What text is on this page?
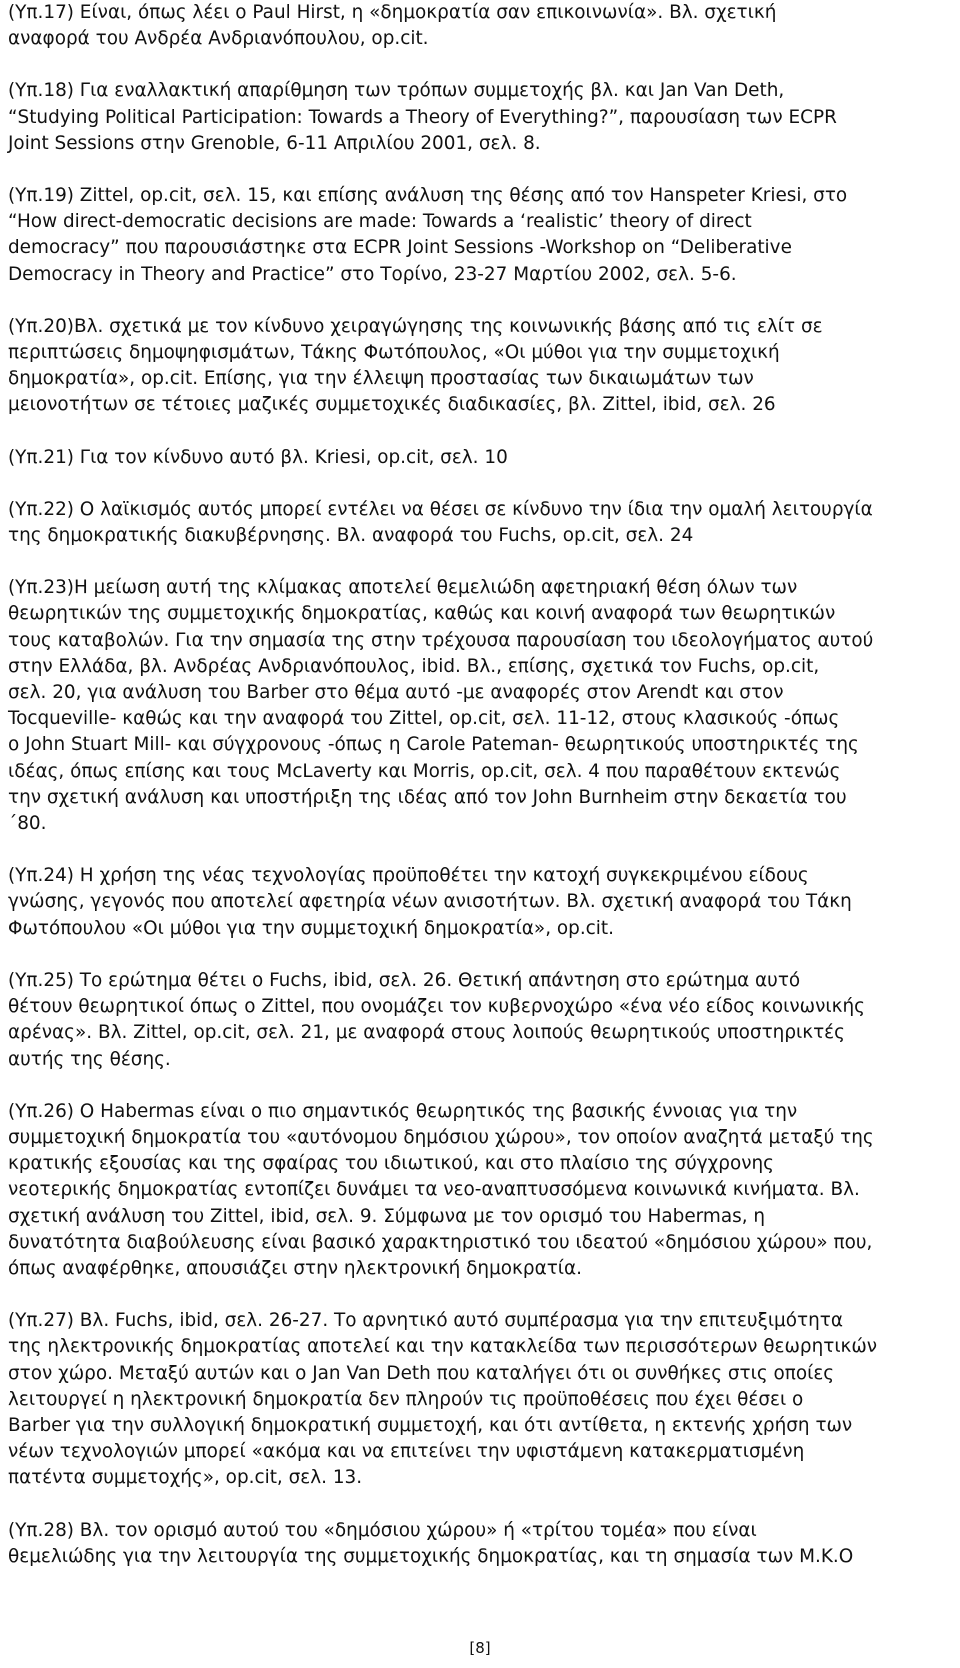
(Υπ.17) Είναι, όπως λέει ο Paul Hirst, η «δημοκρατία σαν επικοινωνία». Βλ. σχετική
αναφορά του Ανδρέα Ανδριανόπουλου, op.cit.
(Υπ.18) Για εναλλακτική απαρίθμηση των τρόπων συμμετοχής βλ. και Jan Van Deth,
“Studying Political Participation: Towards a Theory of Everything?”, παρουσίαση των ECPR
Joint Sessions στην Grenoble, 6-11 Απριλίου 2001, σελ. 8.
(Υπ.19) Zittel, op.cit, σελ. 15, και επίσης ανάλυση της θέσης από τον Hanspeter Kriesi, στο
“How direct-democratic decisions are made: Towards a ‘realistic’ theory of direct
democracy” που παρουσιάστηκε στα ECPR Joint Sessions -Workshop on “Deliberative
Democracy in Theory and Practice” στο Τορίνο, 23-27 Μαρτίου 2002, σελ. 5-6.
(Υπ.20)Βλ. σχετικά με τον κίνδυνο χειραγώγησης της κοινωνικής βάσης από τις ελίτ σε
περιπτώσεις δημοψηφισμάτων, Τάκης Φωτόπουλος, «Οι μύθοι για την συμμετοχική
δημοκρατία», op.cit. Επίσης, για την έλλειψη προστασίας των δικαιωμάτων των
μειονοτήτων σε τέτοιες μαζικές συμμετοχικές διαδικασίες, βλ. Zittel, ibid, σελ. 26
(Υπ.21) Για τον κίνδυνο αυτό βλ. Kriesi, op.cit, σελ. 10
(Υπ.22) Ο λαϊκισμός αυτός μπορεί εντέλει να θέσει σε κίνδυνο την ίδια την ομαλή λειτουργία
της δημοκρατικής διακυβέρνησης. Βλ. αναφορά του Fuchs, op.cit, σελ. 24
(Υπ.23)Η μείωση αυτή της κλίμακας αποτελεί θεμελιώδη αφετηριακή θέση όλων των
θεωρητικών της συμμετοχικής δημοκρατίας, καθώς και κοινή αναφορά των θεωρητικών
τους καταβολών. Για την σημασία της στην τρέχουσα παρουσίαση του ιδεολογήματος αυτού
στην Ελλάδα, βλ. Ανδρέας Ανδριανόπουλος, ibid. Βλ., επίσης, σχετικά τον Fuchs, op.cit,
σελ. 20, για ανάλυση του Barber στο θέμα αυτό -με αναφορές στον Arendt και στον
Tocqueville- καθώς και την αναφορά του Zittel, op.cit, σελ. 11-12, στους κλασικούς -όπως
ο John Stuart Mill- και σύγχρονους -όπως η Carole Pateman- θεωρητικούς υποστηρικτές της
ιδέας, όπως επίσης και τους McLaverty και Morris, op.cit, σελ. 4 που παραθέτουν εκτενώς
την σχετική ανάλυση και υποστήριξη της ιδέας από τον John Burnheim στην δεκαετία του
΄80.
(Υπ.24) Η χρήση της νέας τεχνολογίας προϋποθέτει την κατοχή συγκεκριμένου είδους
γνώσης, γεγονός που αποτελεί αφετηρία νέων ανισοτήτων. Βλ. σχετική αναφορά του Τάκη
Φωτόπουλου «Οι μύθοι για την συμμετοχική δημοκρατία», op.cit.
(Υπ.25) Το ερώτημα θέτει ο Fuchs, ibid, σελ. 26. Θετική απάντηση στο ερώτημα αυτό
θέτουν θεωρητικοί όπως ο Zittel, που ονομάζει τον κυβερνοχώρο «ένα νέο είδος κοινωνικής
αρένας». Βλ. Zittel, op.cit, σελ. 21, με αναφορά στους λοιπούς θεωρητικούς υποστηρικτές
αυτής της θέσης.
(Υπ.26) Ο Habermas είναι ο πιο σημαντικός θεωρητικός της βασικής έννοιας για την
συμμετοχική δημοκρατία του «αυτόνομου δημόσιου χώρου», τον οποίον αναζητά μεταξύ της
κρατικής εξουσίας και της σφαίρας του ιδιωτικού, και στο πλαίσιο της σύγχρονης
νεοτερικής δημοκρατίας εντοπίζει δυνάμει τα νεο-αναπτυσσόμενα κοινωνικά κινήματα. Βλ.
σχετική ανάλυση του Zittel, ibid, σελ. 9. Σύμφωνα με τον ορισμό του Habermas, η
δυνατότητα διαβούλευσης είναι βασικό χαρακτηριστικό του ιδεατού «δημόσιου χώρου» που,
όπως αναφέρθηκε, απουσιάζει στην ηλεκτρονική δημοκρατία.
(Υπ.27) Βλ. Fuchs, ibid, σελ. 26-27. Το αρνητικό αυτό συμπέρασμα για την επιτευξιμότητα
της ηλεκτρονικής δημοκρατίας αποτελεί και την κατακλείδα των περισσότερων θεωρητικών
στον χώρο. Μεταξύ αυτών και ο Jan Van Deth που καταλήγει ότι οι συνθήκες στις οποίες
λειτουργεί η ηλεκτρονική δημοκρατία δεν πληρούν τις προϋποθέσεις που έχει θέσει ο
Barber για την συλλογική δημοκρατική συμμετοχή, και ότι αντίθετα, η εκτενής χρήση των
νέων τεχνολογιών μπορεί «ακόμα και να επιτείνει την υφιστάμενη κατακερματισμένη
πατέντα συμμετοχής», op.cit, σελ. 13.
(Υπ.28) Βλ. τον ορισμό αυτού του «δημόσιου χώρου» ή «τρίτου τομέα» που είναι
θεμελιώδης για την λειτουργία της συμμετοχικής δημοκρατίας, και τη σημασία των Μ.Κ.Ο
[8]
